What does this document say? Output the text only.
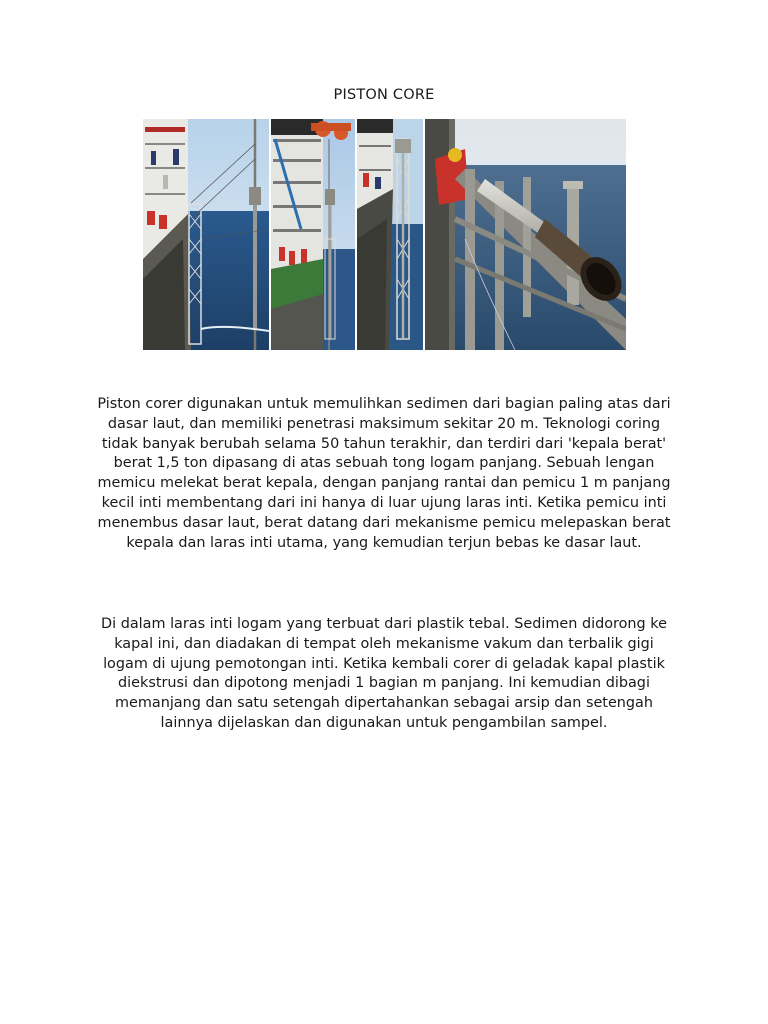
PISTON CORE

Piston corer digunakan untuk memulihkan sedimen dari bagian paling atas dari dasar laut, dan memiliki penetrasi maksimum sekitar 20 m. Teknologi coring tidak banyak berubah selama 50 tahun terakhir, dan terdiri dari 'kepala berat' berat 1,5 ton dipasang di atas sebuah tong logam panjang. Sebuah lengan memicu melekat berat kepala, dengan panjang rantai dan pemicu 1 m panjang kecil inti membentang dari ini hanya di luar ujung laras inti. Ketika pemicu inti menembus dasar laut, berat datang dari mekanisme pemicu melepaskan berat kepala dan laras inti utama, yang kemudian terjun bebas ke dasar laut.

Di dalam laras inti logam yang terbuat dari plastik tebal. Sedimen didorong ke kapal ini, dan diadakan di tempat oleh mekanisme vakum dan terbalik gigi logam di ujung pemotongan inti. Ketika kembali corer di geladak kapal plastik diekstrusi dan dipotong menjadi 1 bagian m panjang. Ini kemudian dibagi memanjang dan satu setengah dipertahankan sebagai arsip dan setengah lainnya dijelaskan dan digunakan untuk pengambilan sampel.
